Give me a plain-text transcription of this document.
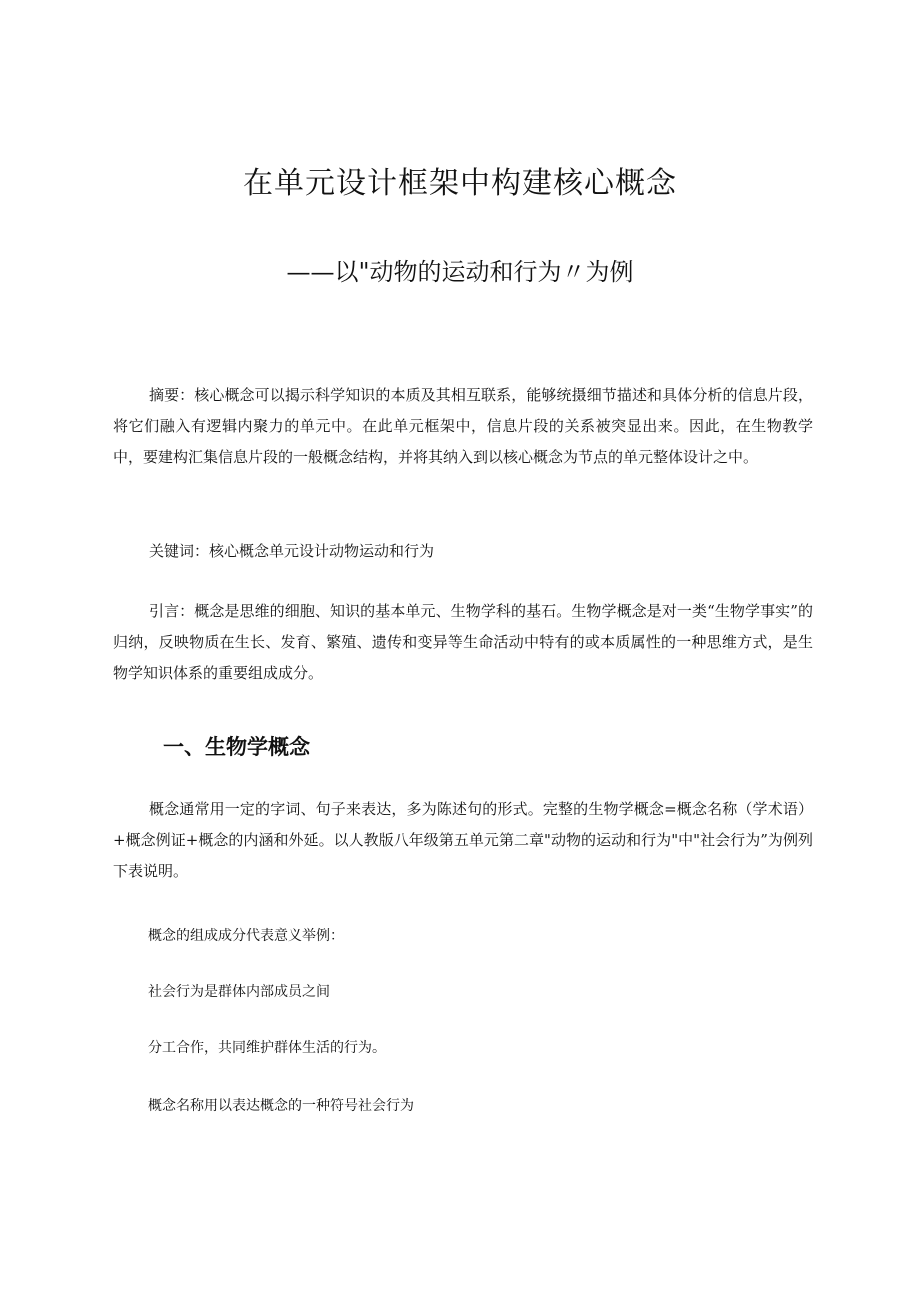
在单元设计框架中构建核心概念
——以"动物的运动和行为〃为例

摘要：核心概念可以揭示科学知识的本质及其相互联系，能够统摄细节描述和具体分析的信息片段，将它们融入有逻辑内聚力的单元中。在此单元框架中，信息片段的关系被突显出来。因此，在生物教学中，要建构汇集信息片段的一般概念结构，并将其纳入到以核心概念为节点的单元整体设计之中。

关键词：核心概念单元设计动物运动和行为

引言：概念是思维的细胞、知识的基本单元、生物学科的基石。生物学概念是对一类“生物学事实”的归纳，反映物质在生长、发育、繁殖、遗传和变异等生命活动中特有的或本质属性的一种思维方式，是生物学知识体系的重要组成成分。

一、生物学概念

概念通常用一定的字词、句子来表达，多为陈述句的形式。完整的生物学概念=概念名称（学术语）+概念例证+概念的内涵和外延。以人教版八年级第五单元第二章"动物的运动和行为"中"社会行为”为例列下表说明。

概念的组成成分代表意义举例：

社会行为是群体内部成员之间

分工合作，共同维护群体生活的行为。

概念名称用以表达概念的一种符号社会行为
